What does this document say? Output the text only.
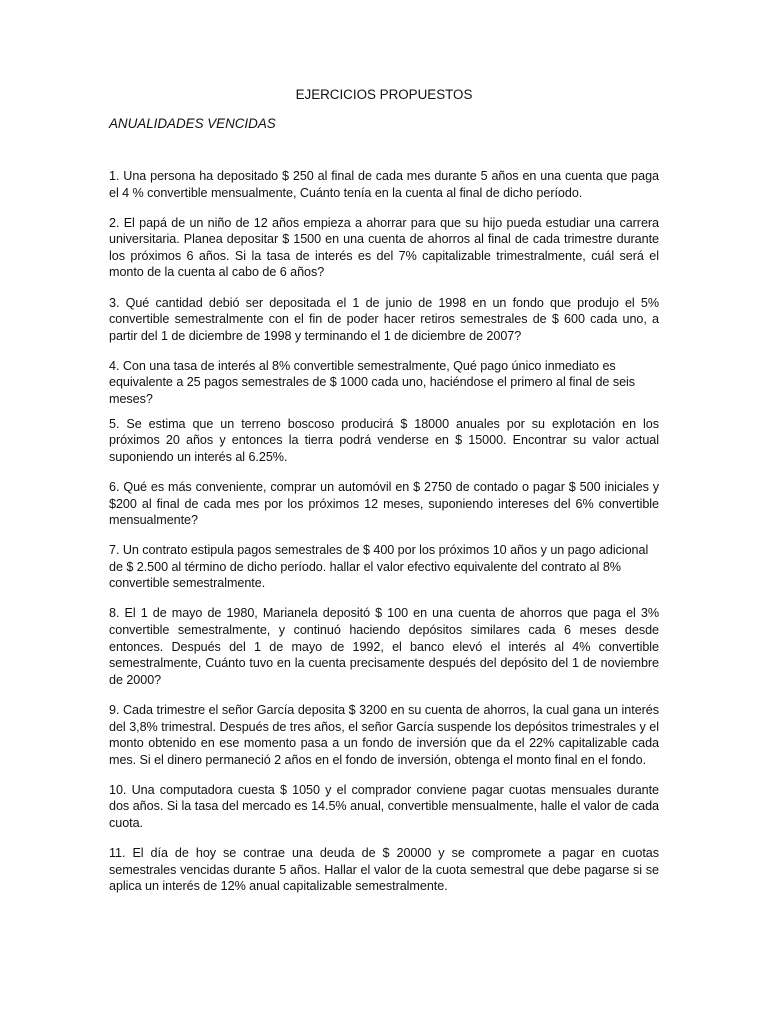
EJERCICIOS PROPUESTOS
ANUALIDADES VENCIDAS

1. Una persona ha depositado $ 250 al final de cada mes durante 5 años en una cuenta que paga el 4 % convertible mensualmente, Cuánto tenía en la cuenta al final de dicho período.

2. El papá de un niño de 12 años empieza a ahorrar para que su hijo pueda estudiar una carrera universitaria. Planea depositar $ 1500 en una cuenta de ahorros al final de cada trimestre durante los próximos 6 años. Si la tasa de interés es del 7% capitalizable trimestralmente, cuál será el monto de la cuenta al cabo de 6 años?

3. Qué cantidad debió ser depositada el 1 de junio de 1998 en un fondo que produjo el 5% convertible semestralmente con el fin de poder hacer retiros semestrales de $ 600 cada uno, a partir del 1 de diciembre de 1998 y terminando el 1 de diciembre de 2007?

4. Con una tasa de interés al 8% convertible semestralmente, Qué pago único inmediato es equivalente a 25 pagos semestrales de $ 1000 cada uno, haciéndose el primero al final de seis meses?

5. Se estima que un terreno boscoso producirá $ 18000 anuales por su explotación en los próximos 20 años y entonces la tierra podrá venderse en $ 15000. Encontrar su valor actual suponiendo un interés al 6.25%.

6. Qué es más conveniente, comprar un automóvil en $ 2750 de contado o pagar $ 500 iniciales y $200 al final de cada mes por los próximos 12 meses, suponiendo intereses del 6% convertible mensualmente?

7. Un contrato estipula pagos semestrales de $ 400 por los próximos 10 años y un pago adicional de $ 2.500 al término de dicho período. hallar el valor efectivo equivalente del contrato al 8% convertible semestralmente.

8. El 1 de mayo de 1980, Marianela depositó $ 100 en una cuenta de ahorros que paga el 3% convertible semestralmente, y continuó haciendo depósitos similares cada 6 meses desde entonces. Después del 1 de mayo de 1992, el banco elevó el interés al 4% convertible semestralmente, Cuánto tuvo en la cuenta precisamente después del depósito del 1 de noviembre de 2000?

9. Cada trimestre el señor García deposita $ 3200 en su cuenta de ahorros, la cual gana un interés del 3,8% trimestral. Después de tres años, el señor García suspende los depósitos trimestrales y el monto obtenido en ese momento pasa a un fondo de inversión que da el 22% capitalizable cada mes. Si el dinero permaneció 2 años en el fondo de inversión, obtenga el monto final en el fondo.

10. Una computadora cuesta $ 1050 y el comprador conviene pagar cuotas mensuales durante dos años. Si la tasa del mercado es 14.5% anual, convertible mensualmente, halle el valor de cada cuota.

11. El día de hoy se contrae una deuda de $ 20000 y se compromete a pagar en cuotas semestrales vencidas durante 5 años. Hallar el valor de la cuota semestral que debe pagarse si se aplica un interés de 12% anual capitalizable semestralmente.
